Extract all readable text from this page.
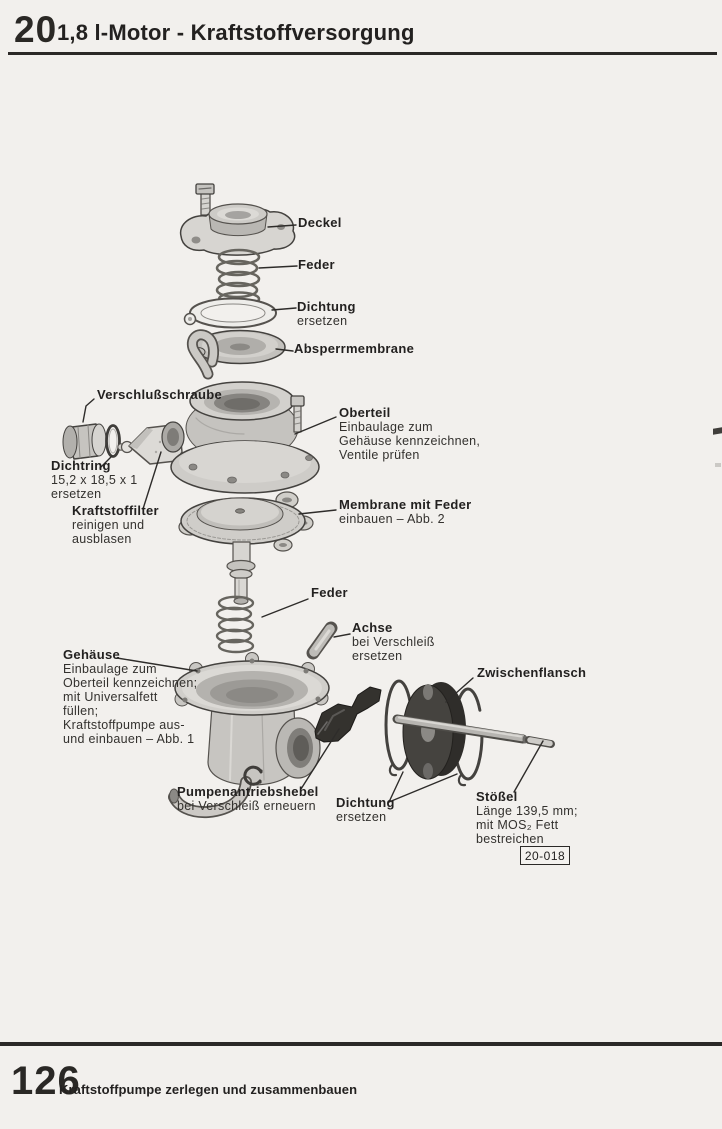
20 1,8 l-Motor - Kraftstoffversorgung
Deckel
Feder
Dichtung
ersetzen
Absperrmembrane
Verschlußschraube
Dichtring
15,2 x 18,5 x 1
ersetzen
Kraftstoffilter
reinigen und
ausblasen
Oberteil
Einbaulage zum
Gehäuse kennzeichnen,
Ventile prüfen
Membrane mit Feder
einbauen – Abb. 2
Feder
Achse
bei Verschleiß
ersetzen
Gehäuse
Einbaulage zum
Oberteil kennzeichnen;
mit Universalfett
füllen;
Kraftstoffpumpe aus-
und einbauen – Abb. 1
Zwischenflansch
Pumpenantriebshebel
bei Verschleiß erneuern Dichtung
ersetzen
Stößel
Länge 139,5 mm;
mit MOS₂ Fett
bestreichen
20-018
126
Kraftstoffpumpe zerlegen und zusammenbauen
